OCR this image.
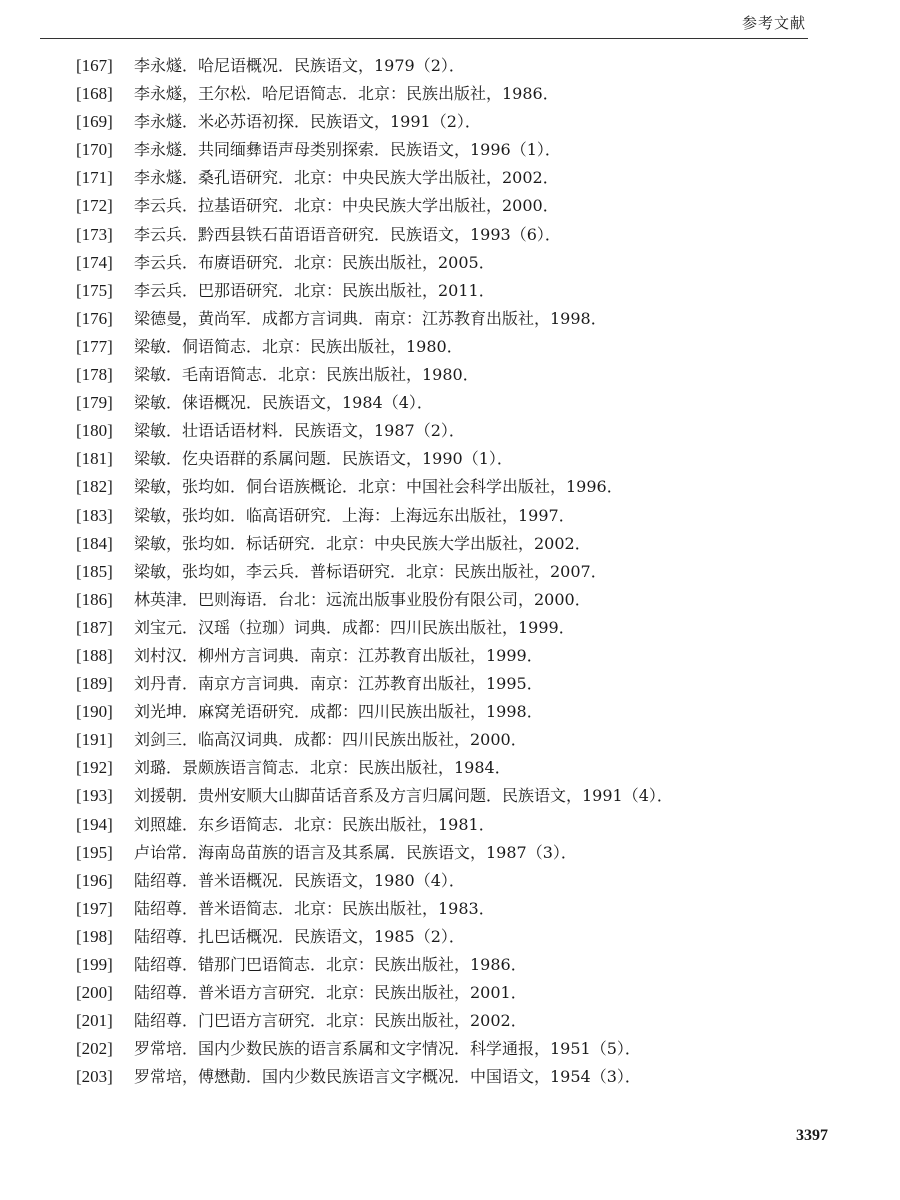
参考文献
[167] 李永燧．哈尼语概况．民族语文，1979（2）．
[168] 李永燧，王尔松．哈尼语简志．北京：民族出版社，1986．
[169] 李永燧．米必苏语初探．民族语文，1991（2）．
[170] 李永燧．共同缅彝语声母类别探索．民族语文，1996（1）．
[171] 李永燧．桑孔语研究．北京：中央民族大学出版社，2002．
[172] 李云兵．拉基语研究．北京：中央民族大学出版社，2000．
[173] 李云兵．黔西县铁石苗语语音研究．民族语文，1993（6）．
[174] 李云兵．布赓语研究．北京：民族出版社，2005．
[175] 李云兵．巴那语研究．北京：民族出版社，2011．
[176] 梁德曼，黄尚军．成都方言词典．南京：江苏教育出版社，1998．
[177] 梁敏．侗语简志．北京：民族出版社，1980．
[178] 梁敏．毛南语简志．北京：民族出版社，1980．
[179] 梁敏．俫语概况．民族语文，1984（4）．
[180] 梁敏．壮语话语材料．民族语文，1987（2）．
[181] 梁敏．仡央语群的系属问题．民族语文，1990（1）．
[182] 梁敏，张均如．侗台语族概论．北京：中国社会科学出版社，1996．
[183] 梁敏，张均如．临高语研究．上海：上海远东出版社，1997．
[184] 梁敏，张均如．标话研究．北京：中央民族大学出版社，2002．
[185] 梁敏，张均如，李云兵．普标语研究．北京：民族出版社，2007．
[186] 林英津．巴则海语．台北：远流出版事业股份有限公司，2000．
[187] 刘宝元．汉瑶（拉珈）词典．成都：四川民族出版社，1999．
[188] 刘村汉．柳州方言词典．南京：江苏教育出版社，1999．
[189] 刘丹青．南京方言词典．南京：江苏教育出版社，1995．
[190] 刘光坤．麻窝羌语研究．成都：四川民族出版社，1998．
[191] 刘剑三．临高汉词典．成都：四川民族出版社，2000．
[192] 刘璐．景颇族语言简志．北京：民族出版社，1984．
[193] 刘援朝．贵州安顺大山脚苗话音系及方言归属问题．民族语文，1991（4）．
[194] 刘照雄．东乡语简志．北京：民族出版社，1981．
[195] 卢诒常．海南岛苗族的语言及其系属．民族语文，1987（3）．
[196] 陆绍尊．普米语概况．民族语文，1980（4）．
[197] 陆绍尊．普米语简志．北京：民族出版社，1983．
[198] 陆绍尊．扎巴话概况．民族语文，1985（2）．
[199] 陆绍尊．错那门巴语简志．北京：民族出版社，1986．
[200] 陆绍尊．普米语方言研究．北京：民族出版社，2001．
[201] 陆绍尊．门巴语方言研究．北京：民族出版社，2002．
[202] 罗常培．国内少数民族的语言系属和文字情况．科学通报，1951（5）．
[203] 罗常培，傅懋勣．国内少数民族语言文字概况．中国语文，1954（3）．
3397
